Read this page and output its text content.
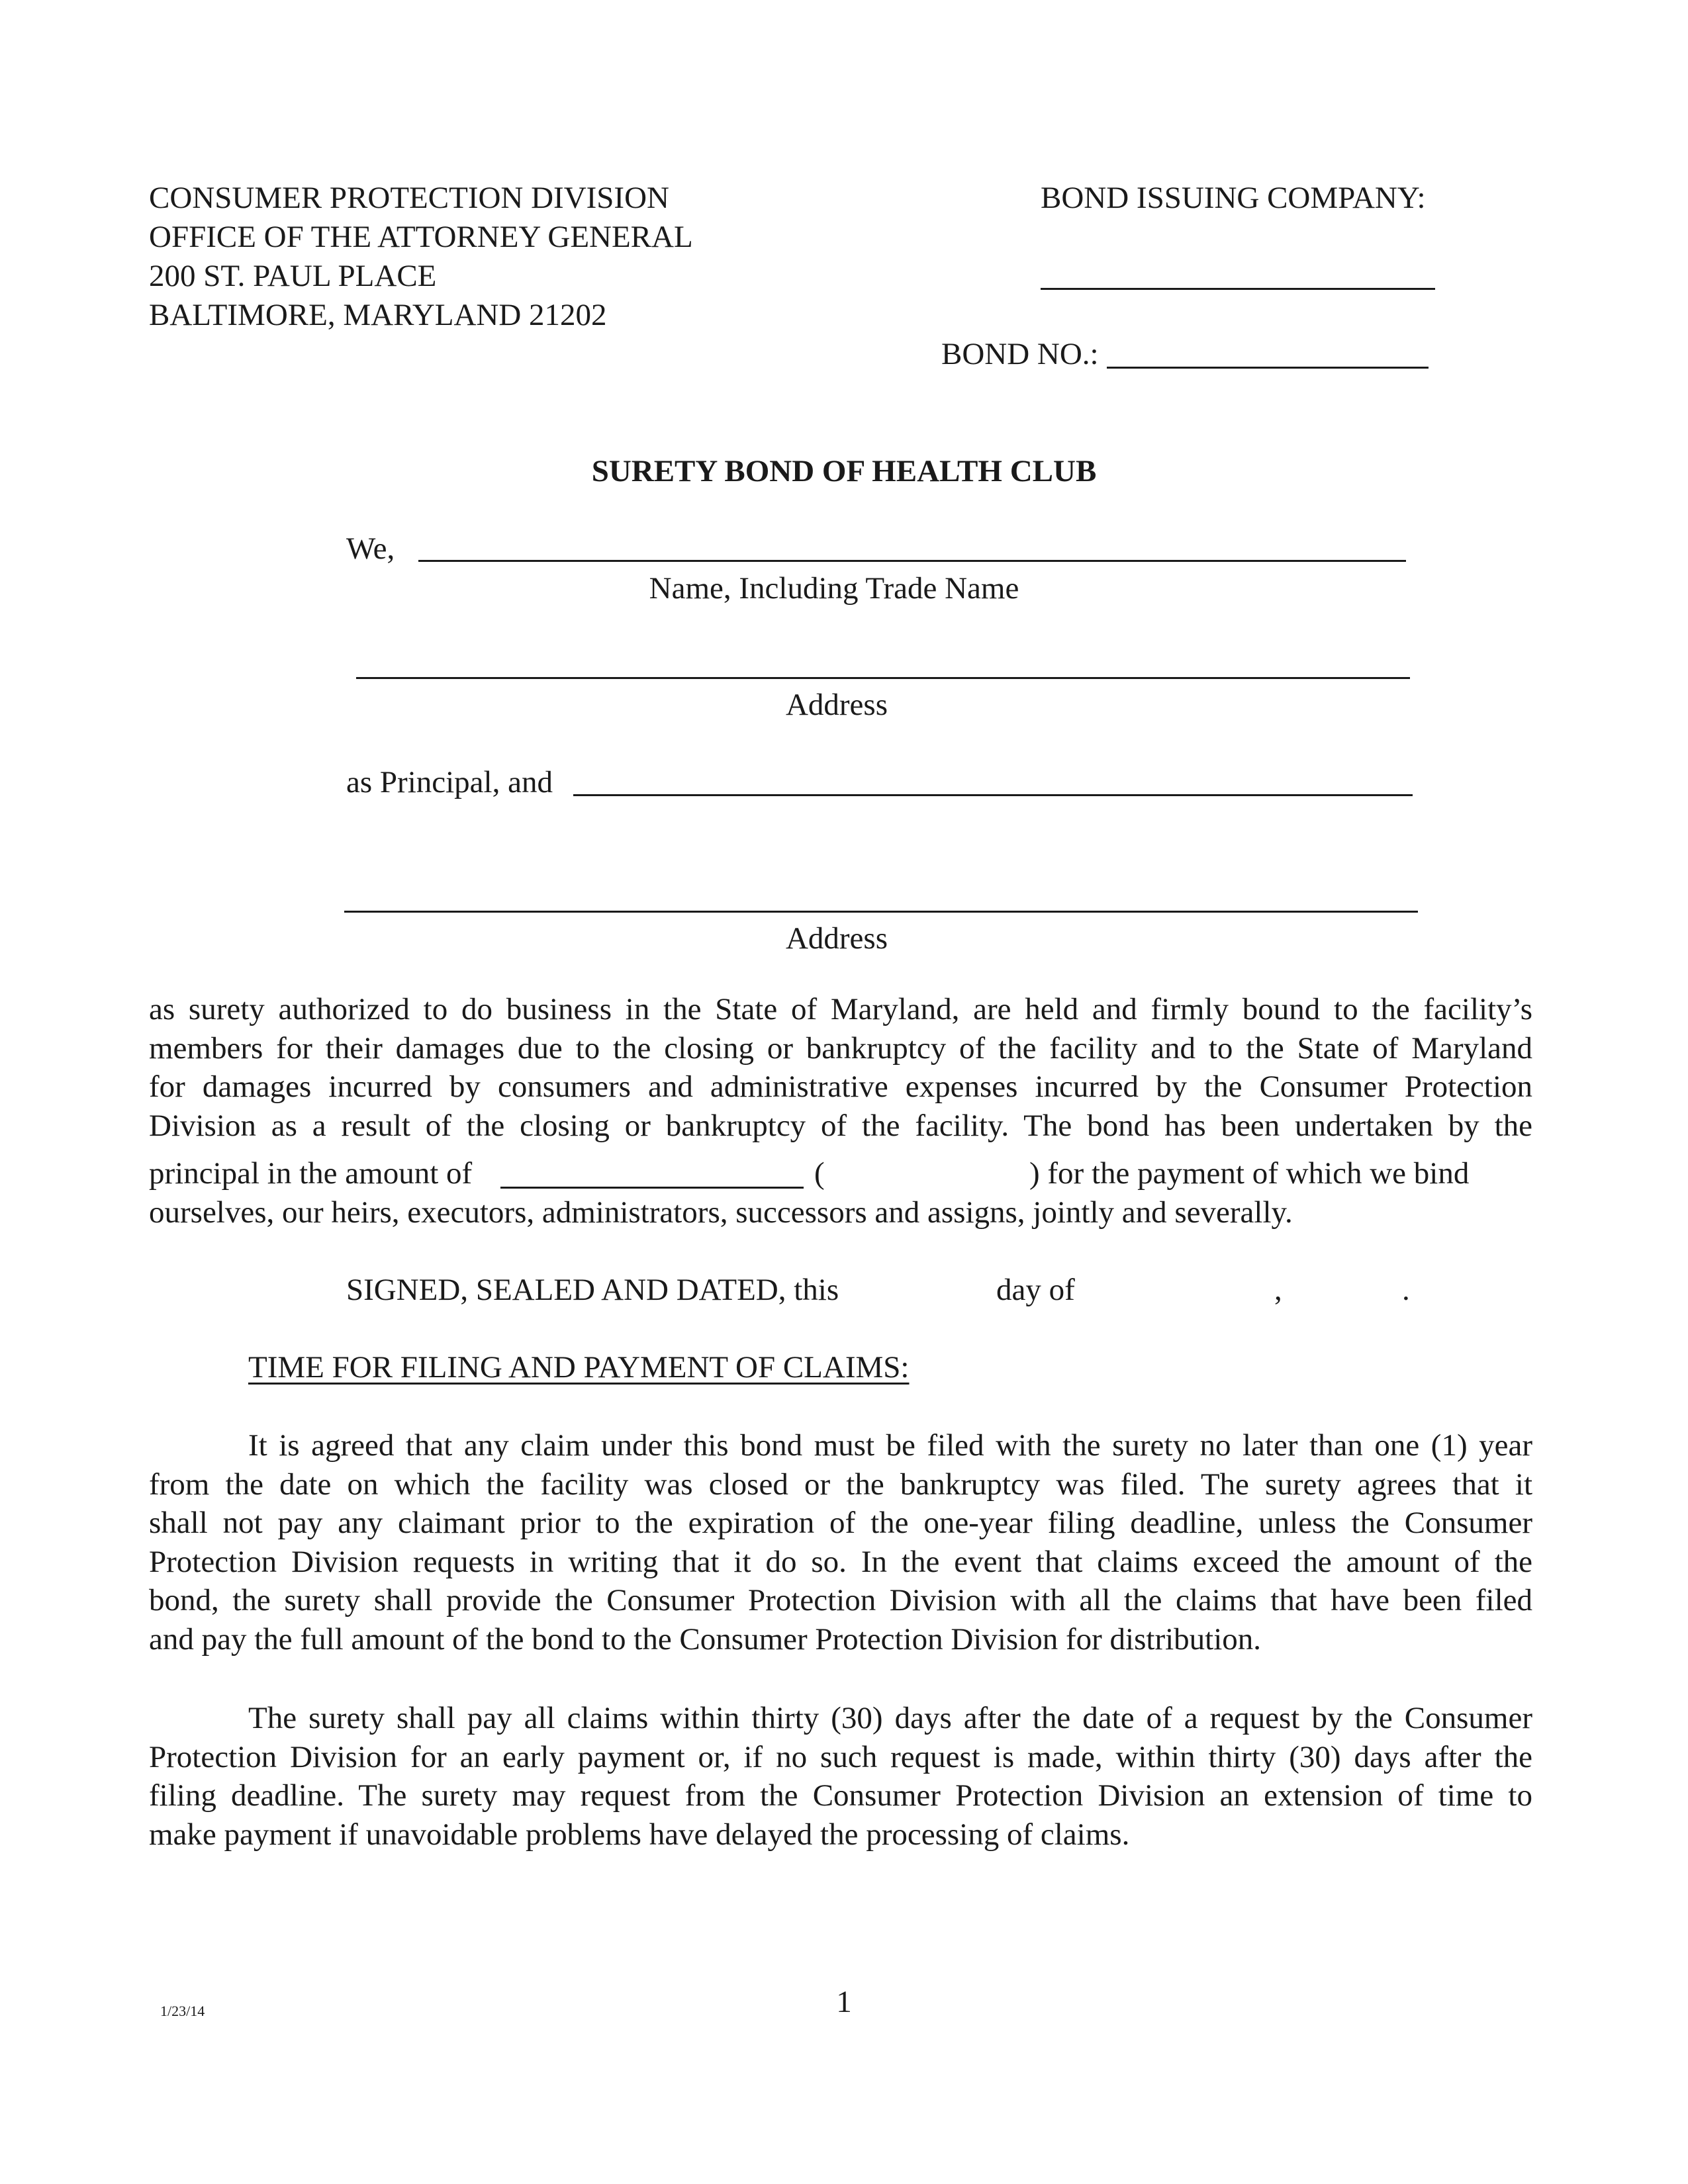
CONSUMER PROTECTION DIVISION
OFFICE OF THE ATTORNEY GENERAL
200 ST. PAUL PLACE
BALTIMORE, MARYLAND 21202
BOND ISSUING COMPANY:
BOND NO.:
SURETY BOND OF HEALTH CLUB
We,
Name, Including Trade Name
Address
as Principal, and
Address
as surety authorized to do business in the State of Maryland, are held and firmly bound to the facility’s
members for their damages due to the closing or bankruptcy of the facility and to the State of Maryland
for damages incurred by consumers and administrative expenses incurred by the Consumer Protection
Division as a result of the closing or bankruptcy of the facility. The bond has been undertaken by the
principal in the amount of	(	) for the payment of which we bind
ourselves, our heirs, executors, administrators, successors and assigns, jointly and severally.
SIGNED, SEALED AND DATED, this	day of	,	.
TIME FOR FILING AND PAYMENT OF CLAIMS:
It is agreed that any claim under this bond must be filed with the surety no later than one (1) year
from the date on which the facility was closed or the bankruptcy was filed. The surety agrees that it
shall not pay any claimant prior to the expiration of the one-year filing deadline, unless the Consumer
Protection Division requests in writing that it do so. In the event that claims exceed the amount of the
bond, the surety shall provide the Consumer Protection Division with all the claims that have been filed
and pay the full amount of the bond to the Consumer Protection Division for distribution.
The surety shall pay all claims within thirty (30) days after the date of a request by the Consumer
Protection Division for an early payment or, if no such request is made, within thirty (30) days after the
filing deadline. The surety may request from the Consumer Protection Division an extension of time to
make payment if unavoidable problems have delayed the processing of claims.
1/23/14	1
